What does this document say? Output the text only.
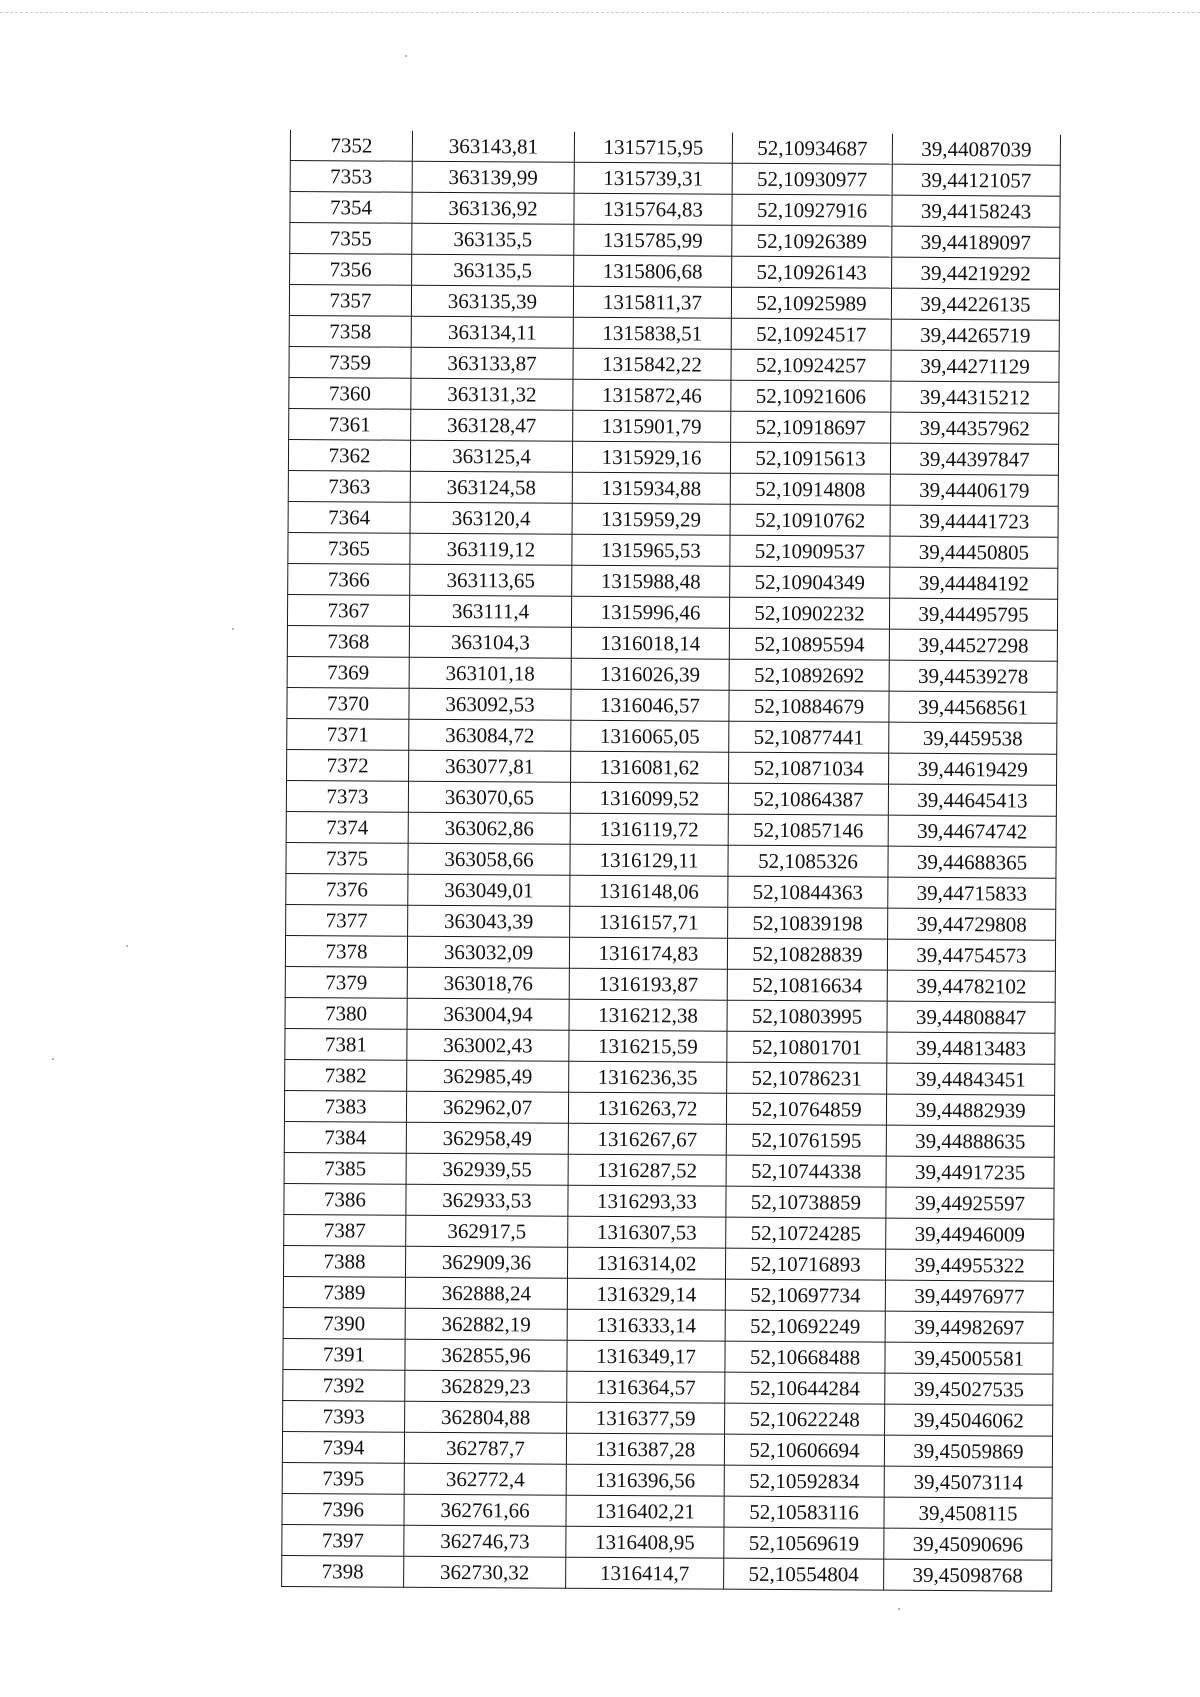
7352	363143,81	1315715,95	52,10934687	39,44087039
7353	363139,99	1315739,31	52,10930977	39,44121057
7354	363136,92	1315764,83	52,10927916	39,44158243
7355	363135,5	1315785,99	52,10926389	39,44189097
7356	363135,5	1315806,68	52,10926143	39,44219292
7357	363135,39	1315811,37	52,10925989	39,44226135
7358	363134,11	1315838,51	52,10924517	39,44265719
7359	363133,87	1315842,22	52,10924257	39,44271129
7360	363131,32	1315872,46	52,10921606	39,44315212
7361	363128,47	1315901,79	52,10918697	39,44357962
7362	363125,4	1315929,16	52,10915613	39,44397847
7363	363124,58	1315934,88	52,10914808	39,44406179
7364	363120,4	1315959,29	52,10910762	39,44441723
7365	363119,12	1315965,53	52,10909537	39,44450805
7366	363113,65	1315988,48	52,10904349	39,44484192
7367	363111,4	1315996,46	52,10902232	39,44495795
7368	363104,3	1316018,14	52,10895594	39,44527298
7369	363101,18	1316026,39	52,10892692	39,44539278
7370	363092,53	1316046,57	52,10884679	39,44568561
7371	363084,72	1316065,05	52,10877441	39,4459538
7372	363077,81	1316081,62	52,10871034	39,44619429
7373	363070,65	1316099,52	52,10864387	39,44645413
7374	363062,86	1316119,72	52,10857146	39,44674742
7375	363058,66	1316129,11	52,1085326	39,44688365
7376	363049,01	1316148,06	52,10844363	39,44715833
7377	363043,39	1316157,71	52,10839198	39,44729808
7378	363032,09	1316174,83	52,10828839	39,44754573
7379	363018,76	1316193,87	52,10816634	39,44782102
7380	363004,94	1316212,38	52,10803995	39,44808847
7381	363002,43	1316215,59	52,10801701	39,44813483
7382	362985,49	1316236,35	52,10786231	39,44843451
7383	362962,07	1316263,72	52,10764859	39,44882939
7384	362958,49	1316267,67	52,10761595	39,44888635
7385	362939,55	1316287,52	52,10744338	39,44917235
7386	362933,53	1316293,33	52,10738859	39,44925597
7387	362917,5	1316307,53	52,10724285	39,44946009
7388	362909,36	1316314,02	52,10716893	39,44955322
7389	362888,24	1316329,14	52,10697734	39,44976977
7390	362882,19	1316333,14	52,10692249	39,44982697
7391	362855,96	1316349,17	52,10668488	39,45005581
7392	362829,23	1316364,57	52,10644284	39,45027535
7393	362804,88	1316377,59	52,10622248	39,45046062
7394	362787,7	1316387,28	52,10606694	39,45059869
7395	362772,4	1316396,56	52,10592834	39,45073114
7396	362761,66	1316402,21	52,10583116	39,4508115
7397	362746,73	1316408,95	52,10569619	39,45090696
7398	362730,32	1316414,7	52,10554804	39,45098768
